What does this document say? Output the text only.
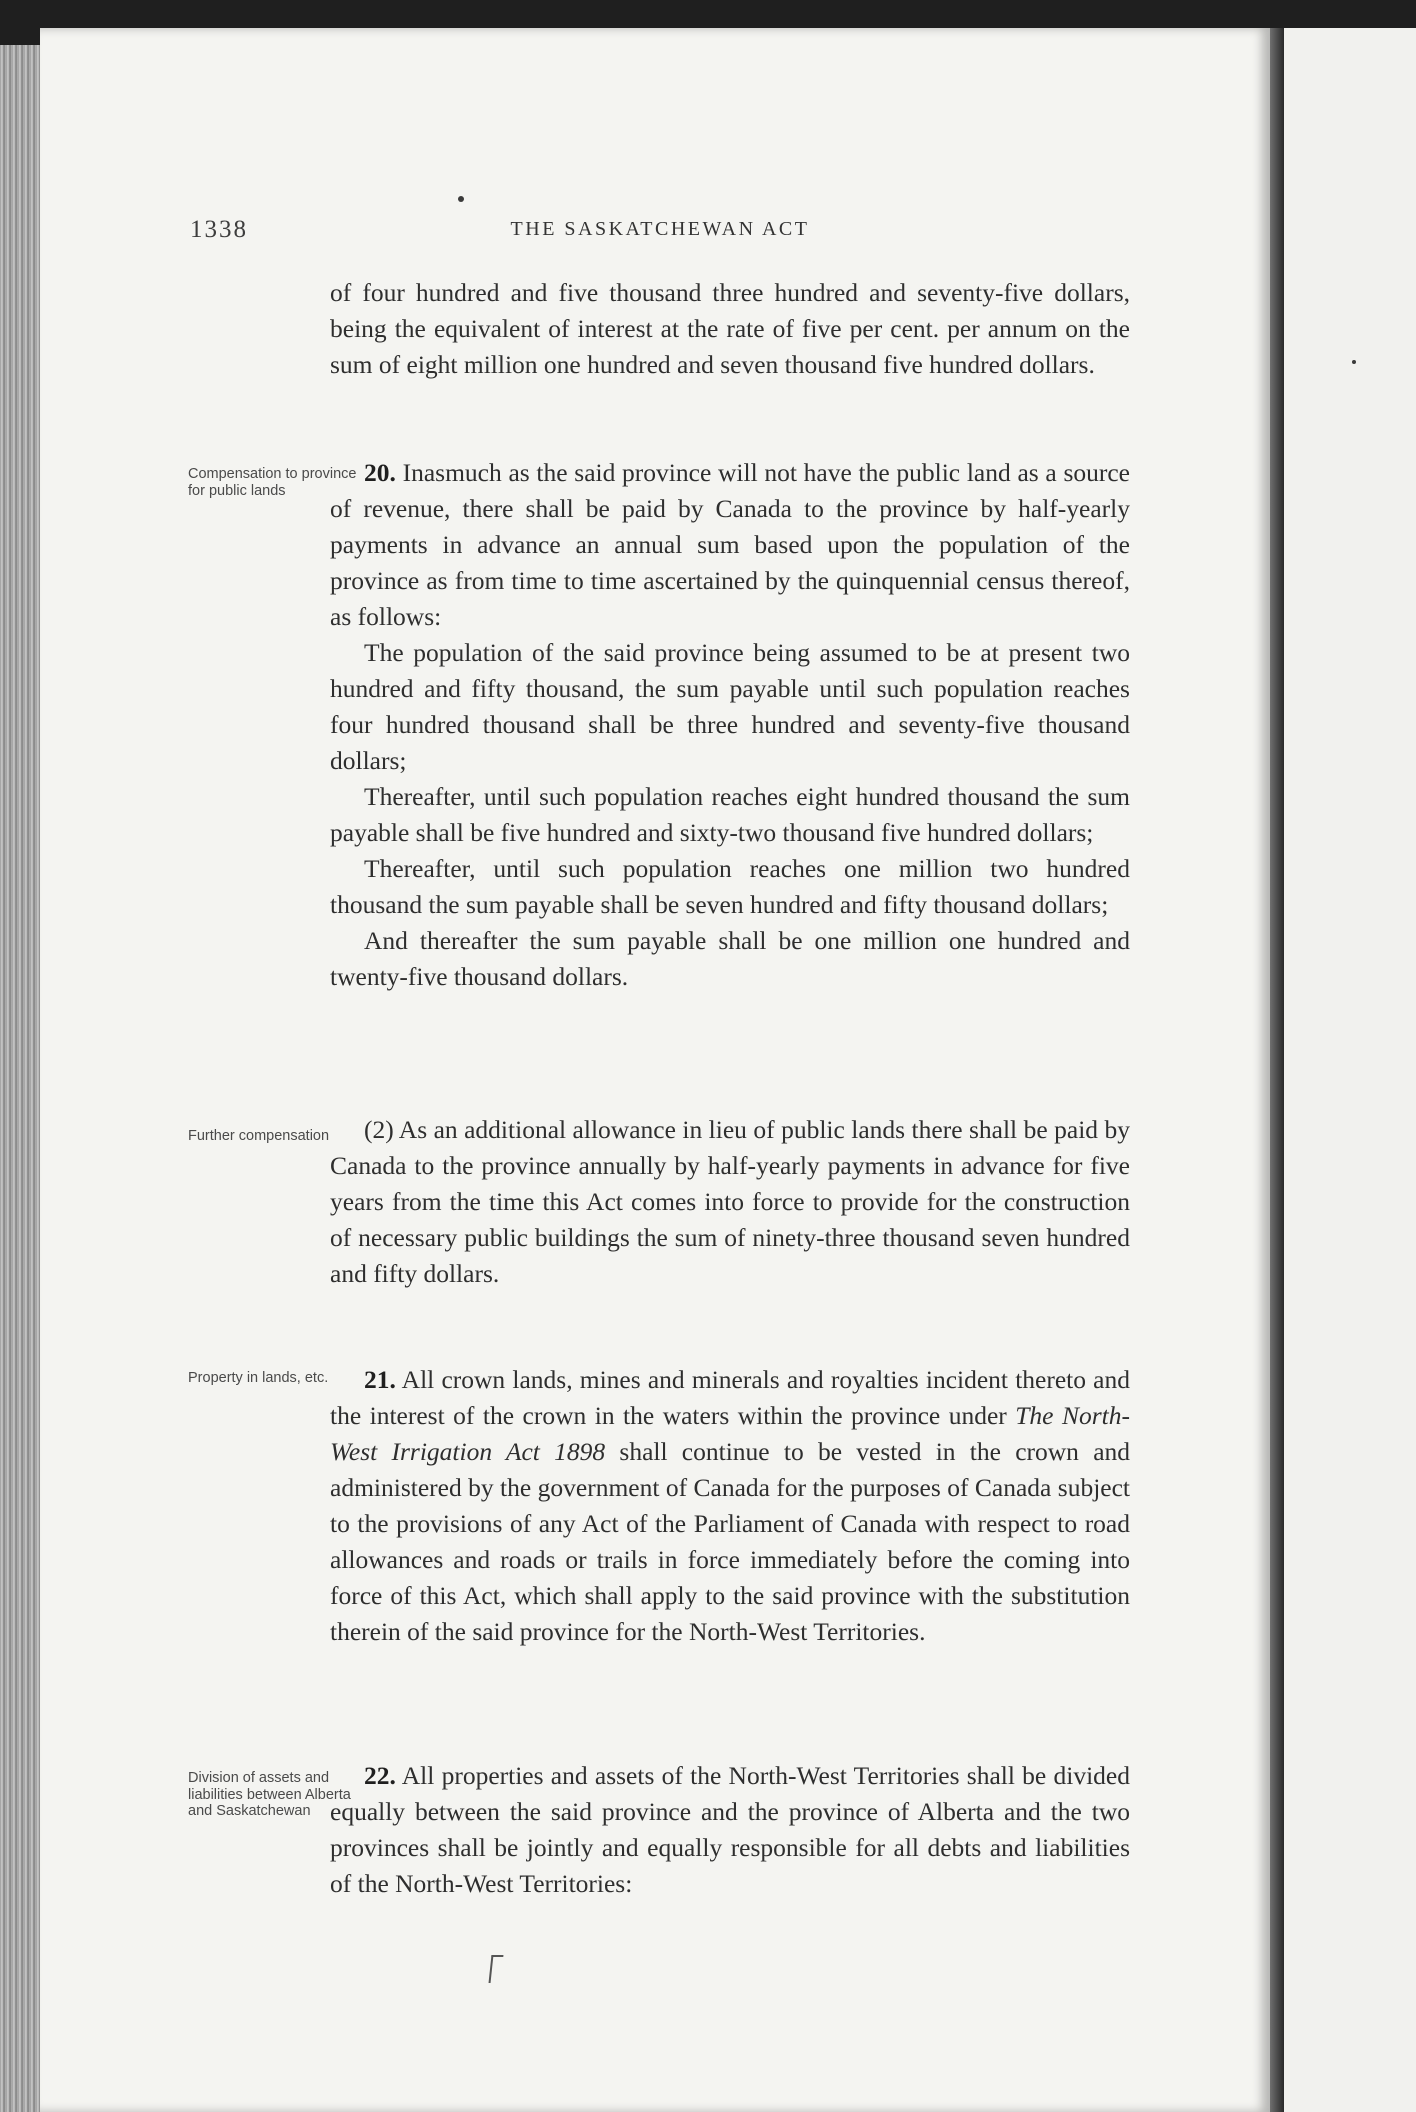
1338	THE SASKATCHEWAN ACT

of four hundred and five thousand three hundred and seventy-five dollars, being the equivalent of interest at the rate of five per cent. per annum on the sum of eight million one hundred and seven thousand five hundred dollars.

Compensation to province for public lands

20. Inasmuch as the said province will not have the public land as a source of revenue, there shall be paid by Canada to the province by half-yearly payments in advance an annual sum based upon the population of the province as from time to time ascertained by the quinquennial census thereof, as follows:

The population of the said province being assumed to be at present two hundred and fifty thousand, the sum payable until such population reaches four hundred thousand shall be three hundred and seventy-five thousand dollars;

Thereafter, until such population reaches eight hundred thousand the sum payable shall be five hundred and sixty-two thousand five hundred dollars;

Thereafter, until such population reaches one million two hundred thousand the sum payable shall be seven hundred and fifty thousand dollars;

And thereafter the sum payable shall be one million one hundred and twenty-five thousand dollars.

Further compensation	(2) As an additional allowance in lieu of public lands there shall be paid by Canada to the province annually by half-yearly payments in advance for five years from the time this Act comes into force to provide for the construction of necessary public buildings the sum of ninety-three thousand seven hundred and fifty dollars.

Property in lands, etc.	21. All crown lands, mines and minerals and royalties incident thereto and the interest of the crown in the waters within the province under The North-West Irrigation Act 1898 shall continue to be vested in the crown and administered by the government of Canada for the purposes of Canada subject to the provisions of any Act of the Parliament of Canada with respect to road allowances and roads or trails in force immediately before the coming into force of this Act, which shall apply to the said province with the substitution therein of the said province for the North-West Territories.

Division of assets and liabilities between Alberta and Saskatchewan

22. All properties and assets of the North-West Territories shall be divided equally between the said province and the province of Alberta and the two provinces shall be jointly and equally responsible for all debts and liabilities of the North-West Territories:
